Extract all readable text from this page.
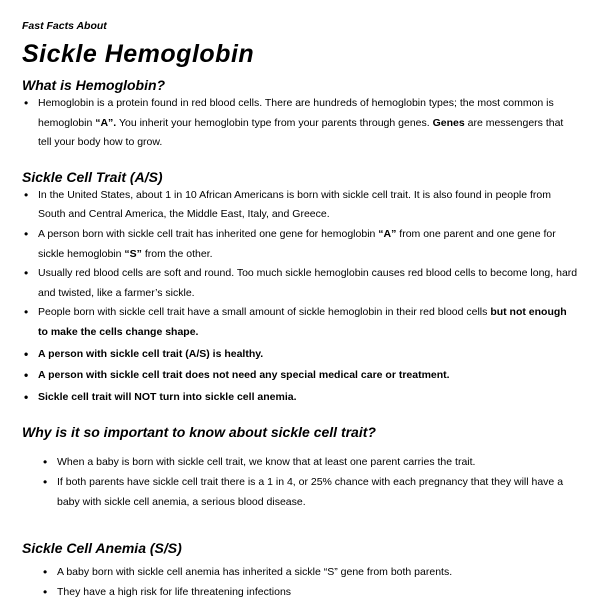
Fast Facts About

Sickle Hemoglobin
What is Hemoglobin?
• Hemoglobin is a protein found in red blood cells. There are hundreds of hemoglobin types; the most common is hemoglobin “A”. You inherit your hemoglobin type from your parents through genes. Genes are messengers that tell your body how to grow.
Sickle Cell Trait (A/S)
• In the United States, about 1 in 10 African Americans is born with sickle cell trait. It is also found in people from South and Central America, the Middle East, Italy, and Greece.
• A person born with sickle cell trait has inherited one gene for hemoglobin “A” from one parent and one gene for sickle hemoglobin “S” from the other.
• Usually red blood cells are soft and round. Too much sickle hemoglobin causes red blood cells to become long, hard and twisted, like a farmer’s sickle.
• People born with sickle cell trait have a small amount of sickle hemoglobin in their red blood cells but not enough to make the cells change shape.
• A person with sickle cell trait (A/S) is healthy.
• A person with sickle cell trait does not need any special medical care or treatment.
• Sickle cell trait will NOT turn into sickle cell anemia.
Why is it so important to know about sickle cell trait?
• When a baby is born with sickle cell trait, we know that at least one parent carries the trait.
• If both parents have sickle cell trait there is a 1 in 4, or 25% chance with each pregnancy that they will have a baby with sickle cell anemia, a serious blood disease.
Sickle Cell Anemia (S/S)
• A baby born with sickle cell anemia has inherited a sickle “S” gene from both parents.
• They have a high risk for life threatening infections
